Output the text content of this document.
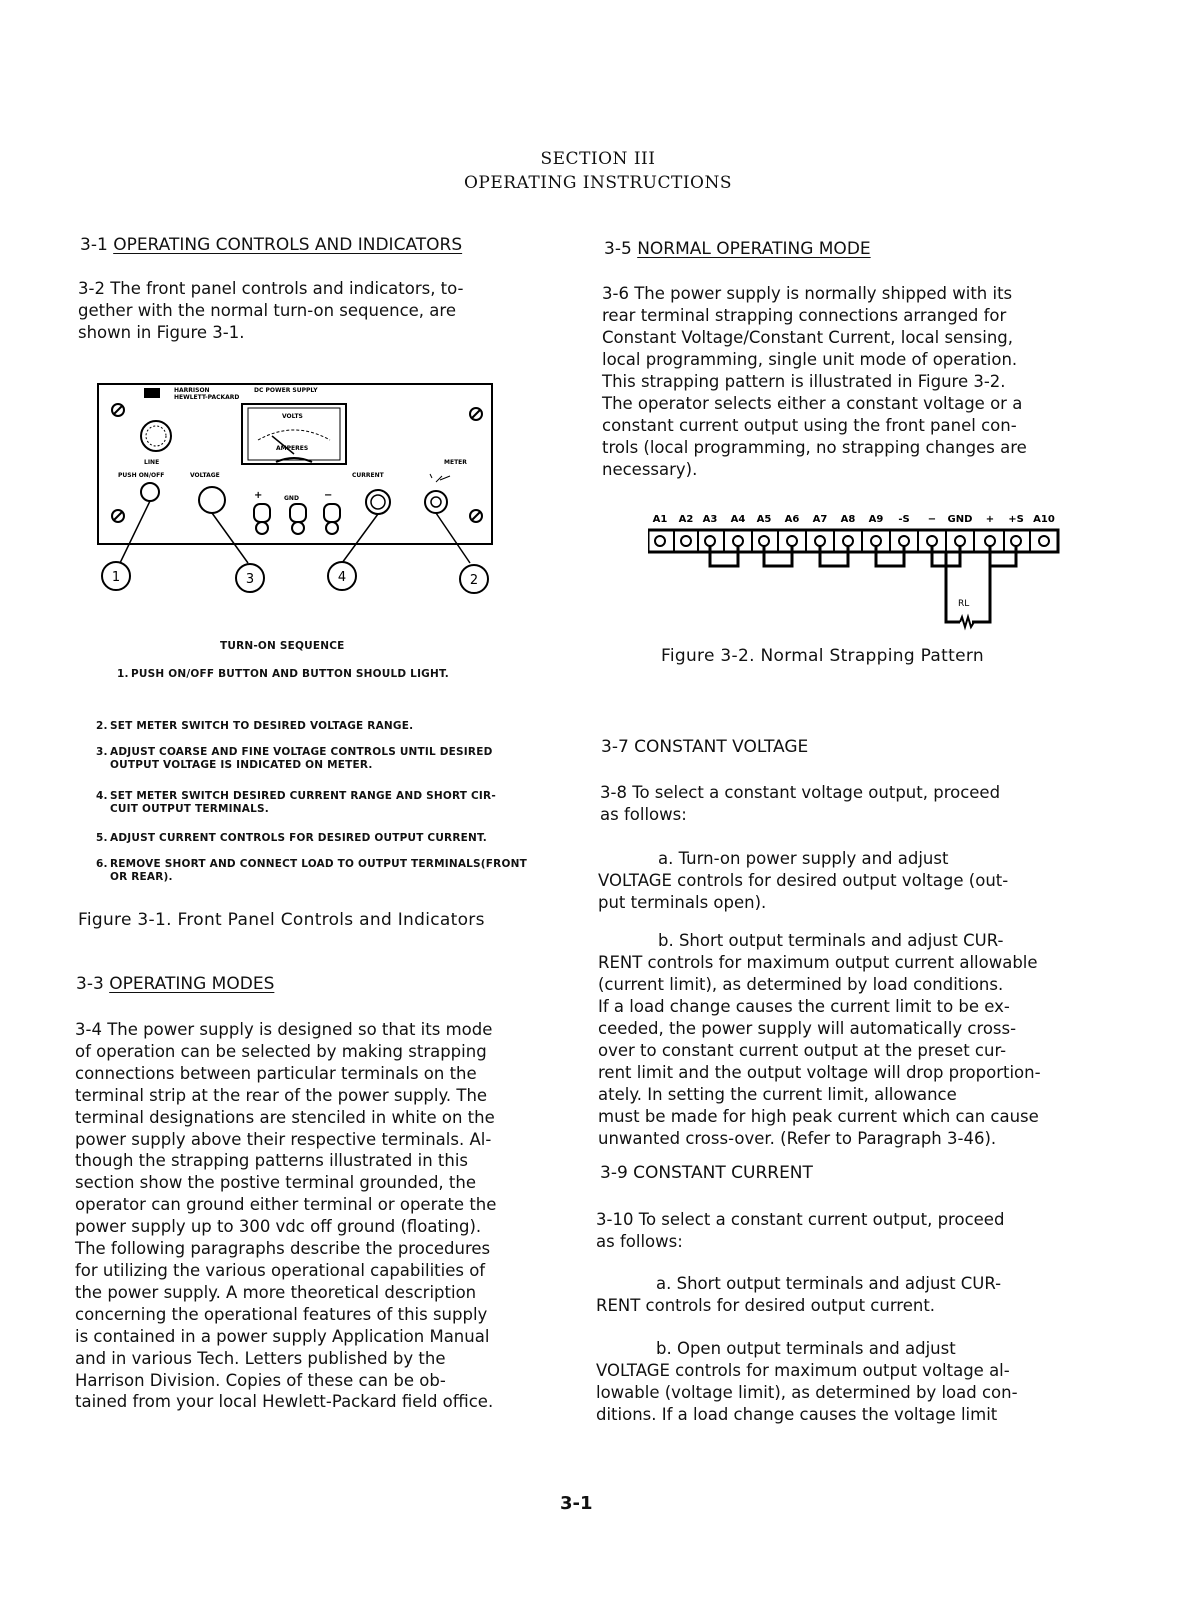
SECTION III
OPERATING INSTRUCTIONS
3-1 OPERATING CONTROLS AND INDICATORS
3-2 The front panel controls and indicators, to-
gether with the normal turn-on sequence, are
shown in Figure 3-1.
HARRISON
HEWLETT-PACKARD
DC POWER SUPPLY
LINE
VOLTS
AMPERES
PUSH ON/OFF	VOLTAGE	CURRENT
METER
+	GND	−
1	3	4	2
TURN-ON SEQUENCE
1. PUSH ON/OFF BUTTON AND BUTTON SHOULD LIGHT.
2. SET METER SWITCH TO DESIRED VOLTAGE RANGE.
3. ADJUST COARSE AND FINE VOLTAGE CONTROLS UNTIL DESIRED
OUTPUT VOLTAGE IS INDICATED ON METER.
4. SET METER SWITCH DESIRED CURRENT RANGE AND SHORT CIR-
CUIT OUTPUT TERMINALS.
5. ADJUST CURRENT CONTROLS FOR DESIRED OUTPUT CURRENT.
6. REMOVE SHORT AND CONNECT LOAD TO OUTPUT TERMINALS(FRONT
OR REAR).
Figure 3-1. Front Panel Controls and Indicators
3-3 OPERATING MODES
3-4 The power supply is designed so that its mode
of operation can be selected by making strapping
connections between particular terminals on the
terminal strip at the rear of the power supply. The
terminal designations are stenciled in white on the
power supply above their respective terminals. Al-
though the strapping patterns illustrated in this
section show the postive terminal grounded, the
operator can ground either terminal or operate the
power supply up to 300 vdc off ground (floating).
The following paragraphs describe the procedures
for utilizing the various operational capabilities of
the power supply. A more theoretical description
concerning the operational features of this supply
is contained in a power supply Application Manual
and in various Tech. Letters published by the
Harrison Division. Copies of these can be ob-
tained from your local Hewlett-Packard field office.
3-5 NORMAL OPERATING MODE
3-6 The power supply is normally shipped with its
rear terminal strapping connections arranged for
Constant Voltage/Constant Current, local sensing,
local programming, single unit mode of operation.
This strapping pattern is illustrated in Figure 3-2.
The operator selects either a constant voltage or a
constant current output using the front panel con-
trols (local programming, no strapping changes are
necessary).
A1 A2 A3 A4 A5 A6 A7 A8 A9 -S − GND + +S A10
RL
Figure 3-2. Normal Strapping Pattern
3-7 CONSTANT VOLTAGE
3-8 To select a constant voltage output, proceed
as follows:
a. Turn-on power supply and adjust
VOLTAGE controls for desired output voltage (out-
put terminals open).
b. Short output terminals and adjust CUR-
RENT controls for maximum output current allowable
(current limit), as determined by load conditions.
If a load change causes the current limit to be ex-
ceeded, the power supply will automatically cross-
over to constant current output at the preset cur-
rent limit and the output voltage will drop proportion-
ately. In setting the current limit, allowance
must be made for high peak current which can cause
unwanted cross-over. (Refer to Paragraph 3-46).
3-9 CONSTANT CURRENT
3-10 To select a constant current output, proceed
as follows:
a. Short output terminals and adjust CUR-
RENT controls for desired output current.
b. Open output terminals and adjust
VOLTAGE controls for maximum output voltage al-
lowable (voltage limit), as determined by load con-
ditions. If a load change causes the voltage limit
3-1
